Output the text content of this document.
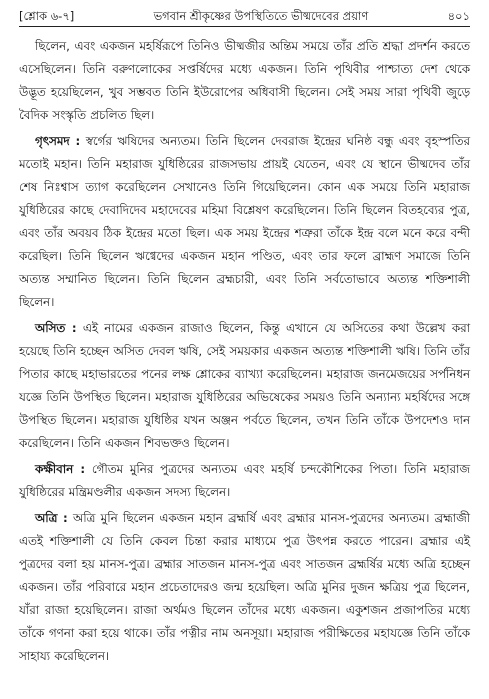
[শ্লোক ৬-৭]	ভগবান শ্রীকৃষ্ণের উপস্থিতিতে ভীষ্মদেবের প্রয়াণ	৪০১

ছিলেন, এবং একজন মহর্ষিরূপে তিনিও ভীষ্মজীর অন্তিম সময়ে তাঁর প্রতি শ্রদ্ধা প্রদর্শন করতে এসেছিলেন। তিনি বরুণলোকের সপ্তর্ষিদের মধ্যে একজন। তিনি পৃথিবীর পাশ্চাত্য দেশ থেকে উদ্ভূত হয়েছিলেন, খুব সম্ভবত তিনি ইউরোপের অধিবাসী ছিলেন। সেই সময় সারা পৃথিবী জুড়ে বৈদিক সংস্কৃতি প্রচলিত ছিল।

গৃৎসমদ : স্বর্গের ঋষিদের অন্যতম। তিনি ছিলেন দেবরাজ ইন্দ্রের ঘনিষ্ঠ বন্ধু এবং বৃহস্পতির মতোই মহান। তিনি মহারাজ যুধিষ্ঠিরের রাজসভায় প্রায়ই যেতেন, এবং যে স্থানে ভীষ্মদেব তাঁর শেষ নিঃশ্বাস ত্যাগ করেছিলেন সেখানেও তিনি গিয়েছিলেন। কোন এক সময়ে তিনি মহারাজ যুধিষ্ঠিরের কাছে দেবাদিদেব মহাদেবের মহিমা বিশ্লেষণ করেছিলেন। তিনি ছিলেন বিতহব্যের পুত্র, এবং তাঁর অবয়ব ঠিক ইন্দ্রের মতো ছিল। এক সময় ইন্দ্রের শত্রুরা তাঁকে ইন্দ্র বলে মনে করে বন্দী করেছিল। তিনি ছিলেন ঋগ্বেদের একজন মহান পণ্ডিত, এবং তার ফলে ব্রাহ্মণ সমাজে তিনি অত্যন্ত সম্মানিত ছিলেন। তিনি ছিলেন ব্রহ্মচারী, এবং তিনি সর্বতোভাবে অত্যন্ত শক্তিশালী ছিলেন।

অসিত : এই নামের একজন রাজাও ছিলেন, কিন্তু এখানে যে অসিতের কথা উল্লেখ করা হয়েছে তিনি হচ্ছেন অসিত দেবল ঋষি, সেই সময়কার একজন অত্যন্ত শক্তিশালী ঋষি। তিনি তাঁর পিতার কাছে মহাভারতের পনের লক্ষ শ্লোকের ব্যাখ্যা করেছিলেন। মহারাজ জনমেজয়ের সর্পনিধন যজ্ঞে তিনি উপস্থিত ছিলেন। মহারাজ যুধিষ্ঠিরের অভিষেকের সময়ও তিনি অন্যান্য মহর্ষিদের সঙ্গে উপস্থিত ছিলেন। মহারাজ যুধিষ্ঠির যখন অঞ্জন পর্বতে ছিলেন, তখন তিনি তাঁকে উপদেশও দান করেছিলেন। তিনি একজন শিবভক্তও ছিলেন।

কক্ষীবান : গৌতম মুনির পুত্রদের অন্যতম এবং মহর্ষি চন্দকৌশিকের পিতা। তিনি মহারাজ যুধিষ্ঠিরের মন্ত্রিমণ্ডলীর একজন সদস্য ছিলেন।

অত্রি : অত্রি মুনি ছিলেন একজন মহান ব্রহ্মর্ষি এবং ব্রহ্মার মানস-পুত্রদের অন্যতম। ব্রহ্মাজী এতই শক্তিশালী যে তিনি কেবল চিন্তা করার মাধ্যমে পুত্র উৎপন্ন করতে পারেন। ব্রহ্মার এই পুত্রদের বলা হয় মানস-পুত্র। ব্রহ্মার সাতজন মানস-পুত্র এবং সাতজন ব্রহ্মর্ষির মধ্যে অত্রি হচ্ছেন একজন। তাঁর পরিবারে মহান প্রচেতাদেরও জন্ম হয়েছিল। অত্রি মুনির দুজন ক্ষত্রিয় পুত্র ছিলেন, যাঁরা রাজা হয়েছিলেন। রাজা অর্থমও ছিলেন তাঁদের মধ্যে একজন। একুশজন প্রজাপতির মধ্যে তাঁকে গণনা করা হয়ে থাকে। তাঁর পত্নীর নাম অনসূয়া। মহারাজ পরীক্ষিতের মহাযজ্ঞে তিনি তাঁকে সাহায্য করেছিলেন।
